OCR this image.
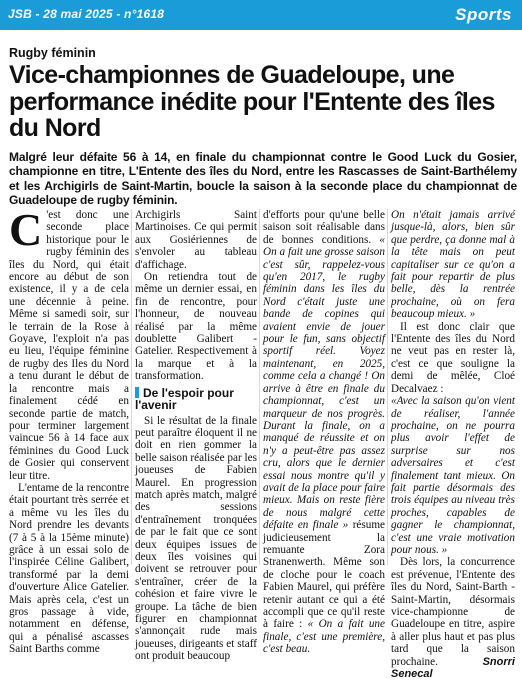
JSB - 28 mai 2025 - n°1618	Sports
Rugby féminin
Vice-championnes de Guadeloupe, une performance inédite pour l'Entente des îles du Nord

Malgré leur défaite 56 à 14, en finale du championnat contre le Good Luck du Gosier, championne en titre, L'Entente des îles du Nord, entre les Rascasses de Saint-Barthélemy et les Archigirls de Saint-Martin, boucle la saison à la seconde place du championnat de Guadeloupe de rugby féminin.

C 'est donc une seconde place historique pour le rugby féminin des îles du Nord, qui était encore au début de son existence, il y a de cela une décennie à peine. Même si samedi soir, sur le terrain de la Rose à Goyave, l'exploit n'a pas eu lieu, l'équipe féminine de rugby des Iles du Nord a tenu durant le début de la rencontre mais a finalement cédé en seconde partie de match, pour terminer largement vaincue 56 à 14 face aux féminines du Good Luck de Gosier qui conservent leur titre.

L'entame de la rencontre était pourtant très serrée et a même vu les îles du Nord prendre les devants (7 à 5 à la 15ème minute) grâce à un essai solo de l'inspirée Céline Galibert, transformé par la demi d'ouverture Alice Gatelier. Mais après cela, c'est un gros passage à vide, notamment en défense, qui a pénalisé ascasses Saint Barths comme

Archigirls Saint Martinoises. Ce qui permit aux Gosiériennes de s'envoler au tableau d'affichage.

On retiendra tout de même un dernier essai, en fin de rencontre, pour l'honneur, de nouveau réalisé par la même doublette Galibert - Gatelier. Respectivement à la marque et à la transformation.

De l'espoir pour l'avenir

Si le résultat de la finale peut paraître éloquent il ne doit en rien gommer la belle saison réalisée par les joueuses de Fabien Maurel. En progression match après match, malgré des sessions d'entraînement tronquées de par le fait que ce sont deux équipes issues de deux îles voisines qui doivent se retrouver pour s'entraîner, créer de la cohésion et faire vivre le groupe. La tâche de bien figurer en championnat s'annonçait rude mais joueuses, dirigeants et staff ont produit beaucoup

d'efforts pour qu'une belle saison soit réalisable dans de bonnes conditions. « On a fait une grosse saison c'est sûr, rappelez-vous qu'en 2017, le rugby féminin dans les îles du Nord c'était juste une bande de copines qui avaient envie de jouer pour le fun, sans objectif sportif réel. Voyez maintenant, en 2025, comme cela a changé ! On arrive à être en finale du championnat, c'est un marqueur de nos progrès. Durant la finale, on a manqué de réussite et on n'y a peut-être pas assez cru, alors que le dernier essai nous montre qu'il y avait de la place pour faire mieux. Mais on reste fière de nous malgré cette défaite en finale » résume judicieusement la remuante Zora Stranenwerth. Même son de cloche pour le coach Fabien Maurel, qui préfère retenir autant ce qui a été accompli que ce qu'il reste à faire : « On a fait une finale, c'est une première, c'est beau.

On n'était jamais arrivé jusque-là, alors, bien sûr que perdre, ça donne mal à la tête mais on peut capitaliser sur ce qu'on a fait pour repartir de plus belle, dès la rentrée prochaine, où on fera beaucoup mieux. »

Il est donc clair que l'Entente des îles du Nord ne veut pas en rester là, c'est ce que souligne la demi de mêlée, Cloé Decalvaez :

«Avec la saison qu'on vient de réaliser, l'année prochaine, on ne pourra plus avoir l'effet de surprise sur nos adversaires et c'est finalement tant mieux. On fait partie désormais des trois équipes au niveau très proches, capables de gagner le championnat, c'est une vraie motivation pour nous. »

Dès lors, la concurrence est prévenue, l'Entente des îles du Nord, Saint-Barth - Saint-Martin, désormais vice-championne de Guadeloupe en titre, aspire à aller plus haut et pas plus tard que la saison prochaine.	Snorri Senecal
